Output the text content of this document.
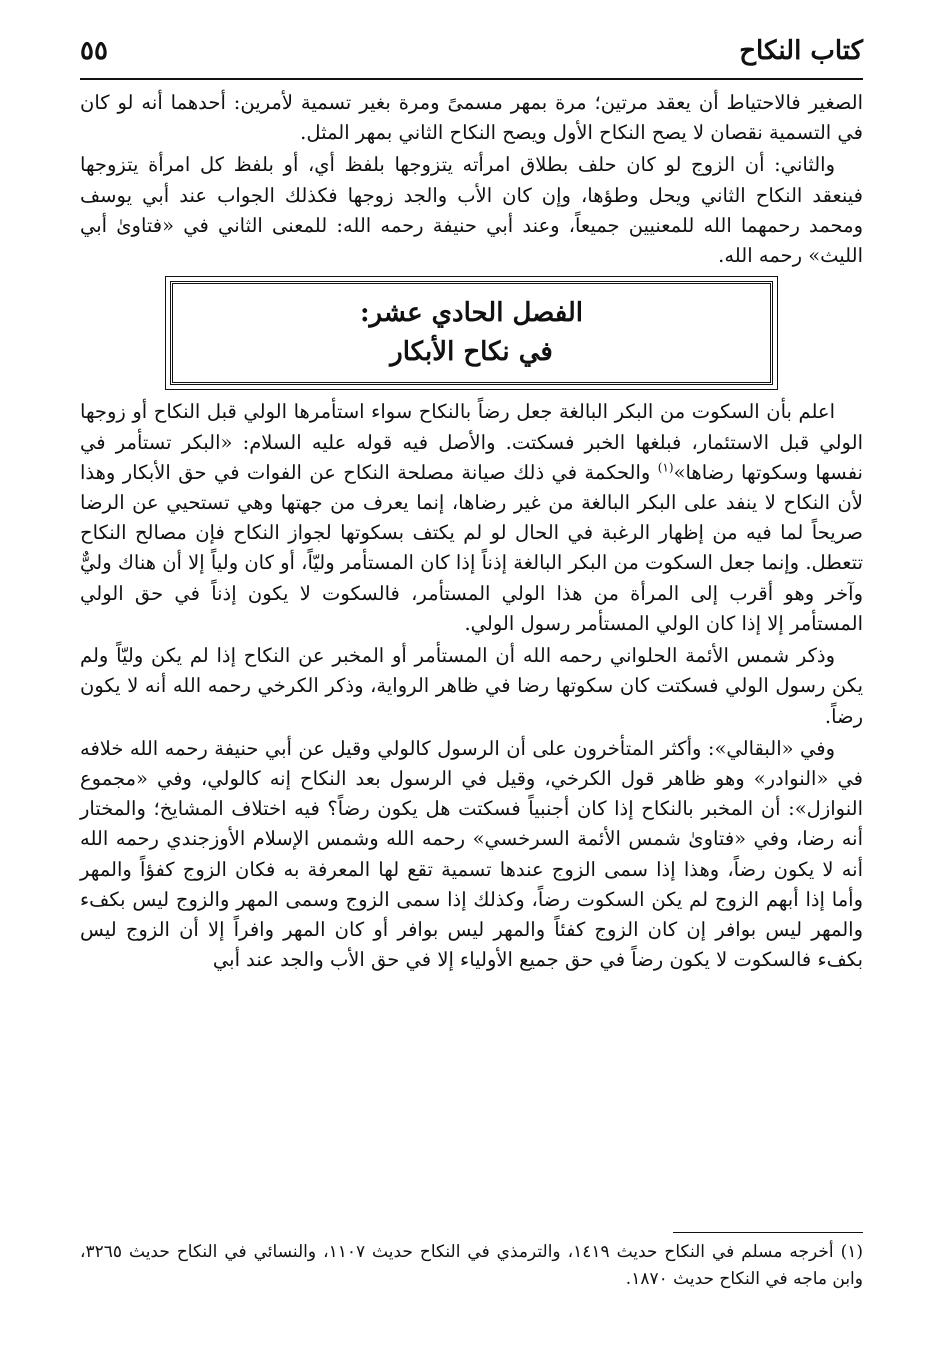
كتاب النكاح
٥٥

الصغير فالاحتياط أن يعقد مرتين؛ مرة بمهر مسمىً ومرة بغير تسمية لأمرين: أحدهما أنه لو كان في التسمية نقصان لا يصح النكاح الأول ويصح النكاح الثاني بمهر المثل.

والثاني: أن الزوج لو كان حلف بطلاق امرأته يتزوجها بلفظ أي، أو بلفظ كل امرأة يتزوجها فينعقد النكاح الثاني ويحل وطؤها، وإن كان الأب والجد زوجها فكذلك الجواب عند أبي يوسف ومحمد رحمهما الله للمعنيين جميعاً، وعند أبي حنيفة رحمه الله: للمعنى الثاني في «فتاوىٰ أبي الليث» رحمه الله.

الفصل الحادي عشر:
في نكاح الأبكار

اعلم بأن السكوت من البكر البالغة جعل رضاً بالنكاح سواء استأمرها الولي قبل النكاح أو زوجها الولي قبل الاستئمار، فبلغها الخبر فسكتت. والأصل فيه قوله عليه السلام: «البكر تستأمر في نفسها وسكوتها رضاها»$^{(١)}$ والحكمة في ذلك صيانة مصلحة النكاح عن الفوات في حق الأبكار وهذا لأن النكاح لا ينفد على البكر البالغة من غير رضاها، إنما يعرف من جهتها وهي تستحيي عن الرضا صريحاً لما فيه من إظهار الرغبة في الحال لو لم يكتف بسكوتها لجواز النكاح فإن مصالح النكاح تتعطل. وإنما جعل السكوت من البكر البالغة إذناً إذا كان المستأمر وليّاً، أو كان ولياً إلا أن هناك وليٌّ وآخر وهو أقرب إلى المرأة من هذا الولي المستأمر، فالسكوت لا يكون إذناً في حق الولي المستأمر إلا إذا كان الولي المستأمر رسول الولي.

وذكر شمس الأئمة الحلواني رحمه الله أن المستأمر أو المخبر عن النكاح إذا لم يكن وليّاً ولم يكن رسول الولي فسكتت كان سكوتها رضا في ظاهر الرواية، وذكر الكرخي رحمه الله أنه لا يكون رضاً.

وفي «البقالي»: وأكثر المتأخرون على أن الرسول كالولي وقيل عن أبي حنيفة رحمه الله خلافه في «النوادر» وهو ظاهر قول الكرخي، وقيل في الرسول بعد النكاح إنه كالولي، وفي «مجموع النوازل»: أن المخبر بالنكاح إذا كان أجنبياً فسكتت هل يكون رضاً؟ فيه اختلاف المشايخ؛ والمختار أنه رضا، وفي «فتاوىٰ شمس الأئمة السرخسي» رحمه الله وشمس الإسلام الأوزجندي رحمه الله أنه لا يكون رضاً، وهذا إذا سمى الزوج عندها تسمية تقع لها المعرفة به فكان الزوج كفؤاً والمهر وأما إذا أبهم الزوج لم يكن السكوت رضاً، وكذلك إذا سمى الزوج وسمى المهر والزوج ليس بكفء والمهر ليس بوافر إن كان الزوج كفئاً والمهر ليس بوافر أو كان المهر وافراً إلا أن الزوج ليس بكفء فالسكوت لا يكون رضاً في حق جميع الأولياء إلا في حق الأب والجد عند أبي

(١) أخرجه مسلم في النكاح حديث ١٤١٩، والترمذي في النكاح حديث ١١٠٧، والنسائي في النكاح حديث ٣٢٦٥، وابن ماجه في النكاح حديث ١٨٧٠.
